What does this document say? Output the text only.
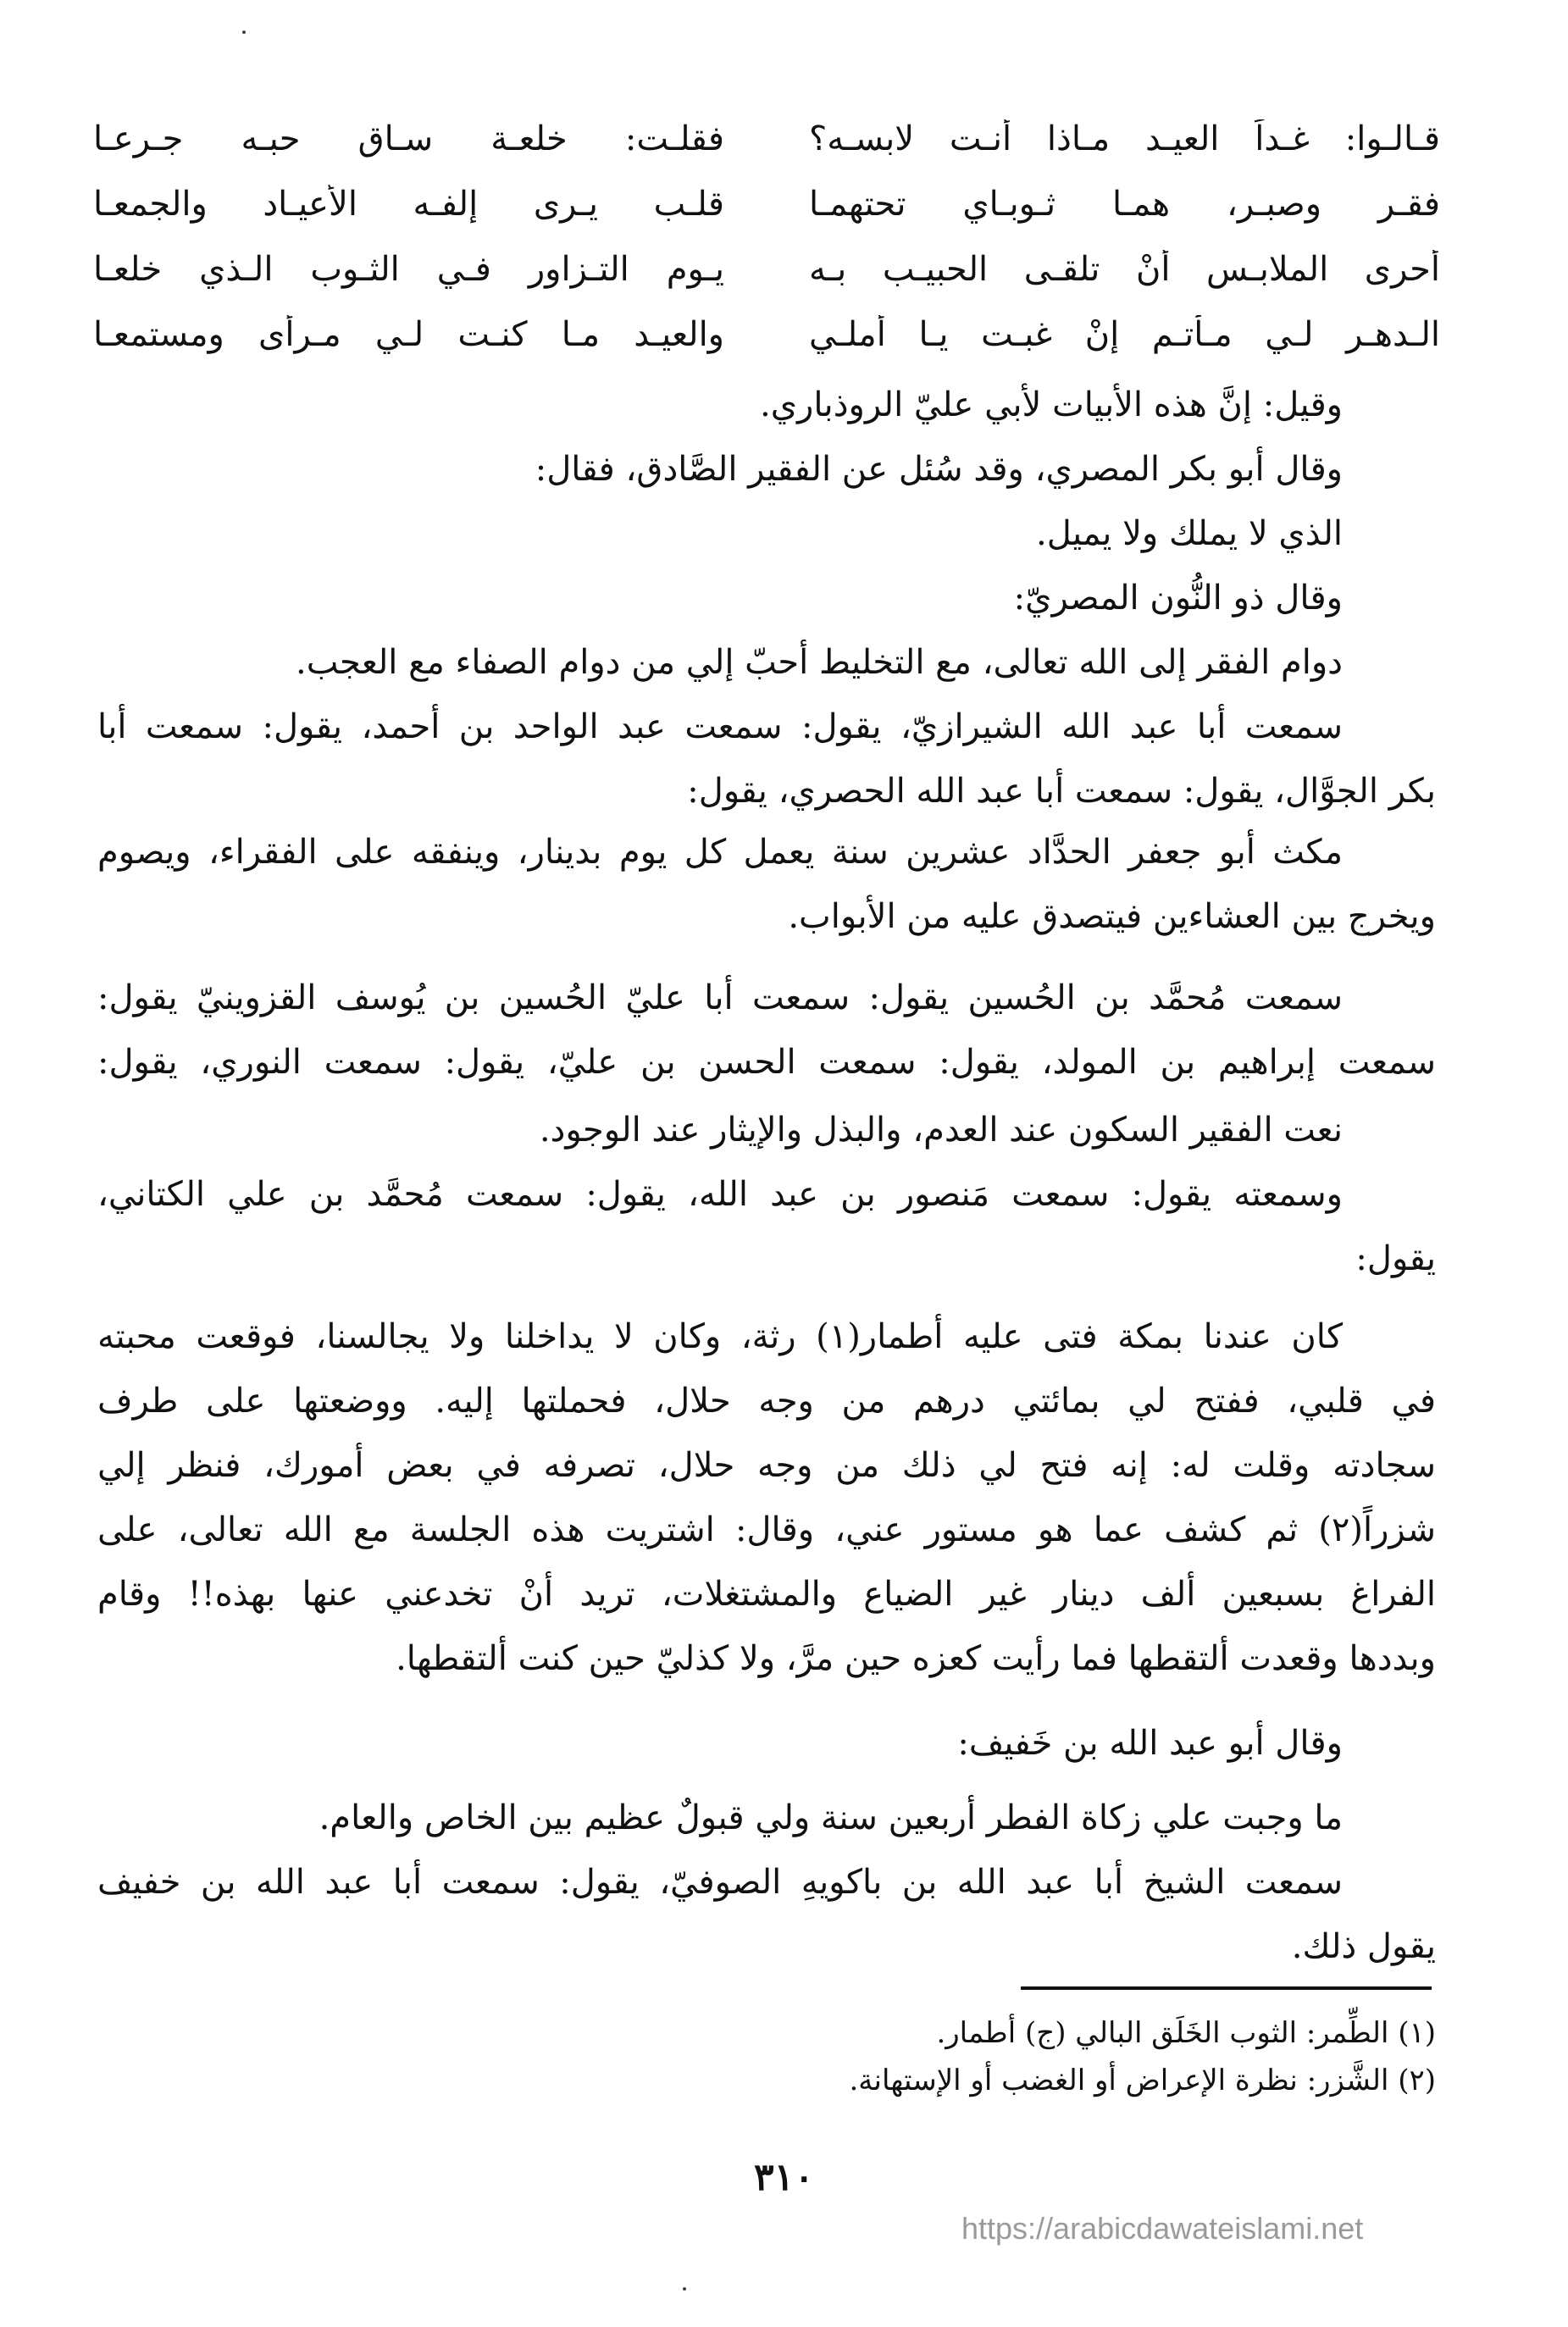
قـالـوا: غـداً العيـد مـاذا أنـت لابسـه؟
فقلـت: خلعـة سـاق حبـه جـرعـا
فقـر وصبـر، همـا ثـوبـاي تحتهمـا
قلـب يـرى إلفـه الأعيـاد والجمعـا
أحرى الملابـس أنْ تلقـى الحبيـب بـه
يـوم التـزاور فـي الثـوب الـذي خلعـا
الـدهـر لـي مـأتـم إنْ غبـت يـا أملـي
والعيـد مـا كنـت لـي مـرأى ومستمعـا
وقيل: إنَّ هذه الأبيات لأبي عليّ الروذباري.
وقال أبو بكر المصري، وقد سُئل عن الفقير الصَّادق، فقال:
الذي لا يملك ولا يميل.
وقال ذو النُّون المصريّ:
دوام الفقر إلى الله تعالى، مع التخليط أحبّ إلي من دوام الصفاء مع العجب.
سمعت أبا عبد الله الشيرازيّ، يقول: سمعت عبد الواحد بن أحمد، يقول: سمعت أبا
بكر الجوَّال، يقول: سمعت أبا عبد الله الحصري، يقول:
مكث أبو جعفر الحدَّاد عشرين سنة يعمل كل يوم بدينار، وينفقه على الفقراء، ويصوم
ويخرج بين العشاءين فيتصدق عليه من الأبواب.
سمعت مُحمَّد بن الحُسين يقول: سمعت أبا عليّ الحُسين بن يُوسف القزوينيّ يقول:
سمعت إبراهيم بن المولد، يقول: سمعت الحسن بن عليّ، يقول: سمعت النوري، يقول:
نعت الفقير السكون عند العدم، والبذل والإيثار عند الوجود.
وسمعته يقول: سمعت مَنصور بن عبد الله، يقول: سمعت مُحمَّد بن علي الكتاني،
يقول:
كان عندنا بمكة فتى عليه أطمار(١) رثة، وكان لا يداخلنا ولا يجالسنا، فوقعت محبته
في قلبي، ففتح لي بمائتي درهم من وجه حلال، فحملتها إليه. ووضعتها على طرف
سجادته وقلت له: إنه فتح لي ذلك من وجه حلال، تصرفه في بعض أمورك، فنظر إلي
شزراً(٢) ثم كشف عما هو مستور عني، وقال: اشتريت هذه الجلسة مع الله تعالى، على
الفراغ بسبعين ألف دينار غير الضياع والمشتغلات، تريد أنْ تخدعني عنها بهذه!! وقام
وبددها وقعدت ألتقطها فما رأيت كعزه حين مرَّ، ولا كذليّ حين كنت ألتقطها.
وقال أبو عبد الله بن خَفيف:
ما وجبت علي زكاة الفطر أربعين سنة ولي قبولٌ عظيم بين الخاص والعام.
سمعت الشيخ أبا عبد الله بن باكويهِ الصوفيّ، يقول: سمعت أبا عبد الله بن خفيف
يقول ذلك.
(١) الطِّمر: الثوب الخَلَق البالي (ج) أطمار.
(٢) الشَّزر: نظرة الإعراض أو الغضب أو الإستهانة.
٣١٠
https://arabicdawateislami.net
